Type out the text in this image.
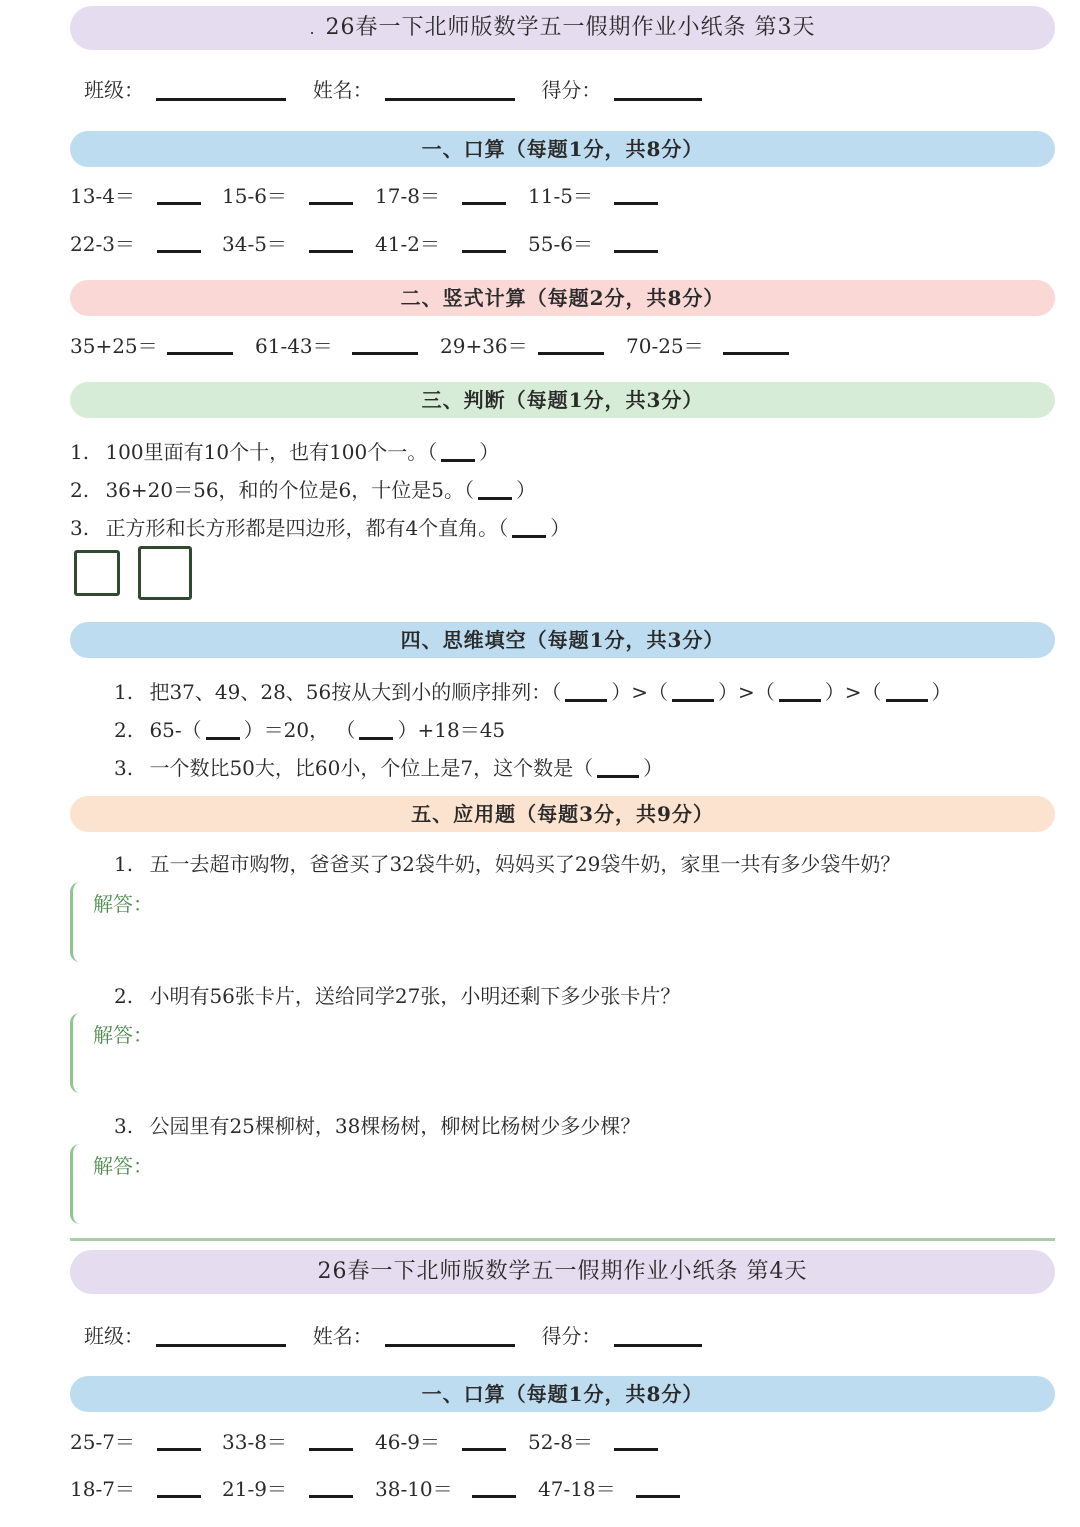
. 26春一下北师版数学五一假期作业小纸条 第3天
班级：	姓名：	得分：
一、口算（每题1分，共8分）
13-4＝	15-6＝	17-8＝	11-5＝
22-3＝	34-5＝	41-2＝	55-6＝
二、竖式计算（每题2分，共8分）
35+25＝	61-43＝	29+36＝	70-25＝
三、判断（每题1分，共3分）
1. 100里面有10个十，也有100个一。（ ）
2. 36+20＝56，和的个位是6，十位是5。（ ）
3. 正方形和长方形都是四边形，都有4个直角。（ ）
四、思维填空（每题1分，共3分）
1. 把37、49、28、56按从大到小的顺序排列：（	）>（	）>（	）>（	）
2. 65-（ ）＝20， （ ）+18＝45
3. 一个数比50大，比60小，个位上是7，这个数是（	）
五、应用题（每题3分，共9分）
1. 五一去超市购物，爸爸买了32袋牛奶，妈妈买了29袋牛奶，家里一共有多少袋牛奶？
解答：
2. 小明有56张卡片，送给同学27张，小明还剩下多少张卡片？
解答：
3. 公园里有25棵柳树，38棵杨树，柳树比杨树少多少棵？
解答：
26春一下北师版数学五一假期作业小纸条 第4天
班级：	姓名：	得分：
一、口算（每题1分，共8分）
25-7＝	33-8＝	46-9＝	52-8＝
18-7＝	21-9＝	38-10＝	47-18＝
